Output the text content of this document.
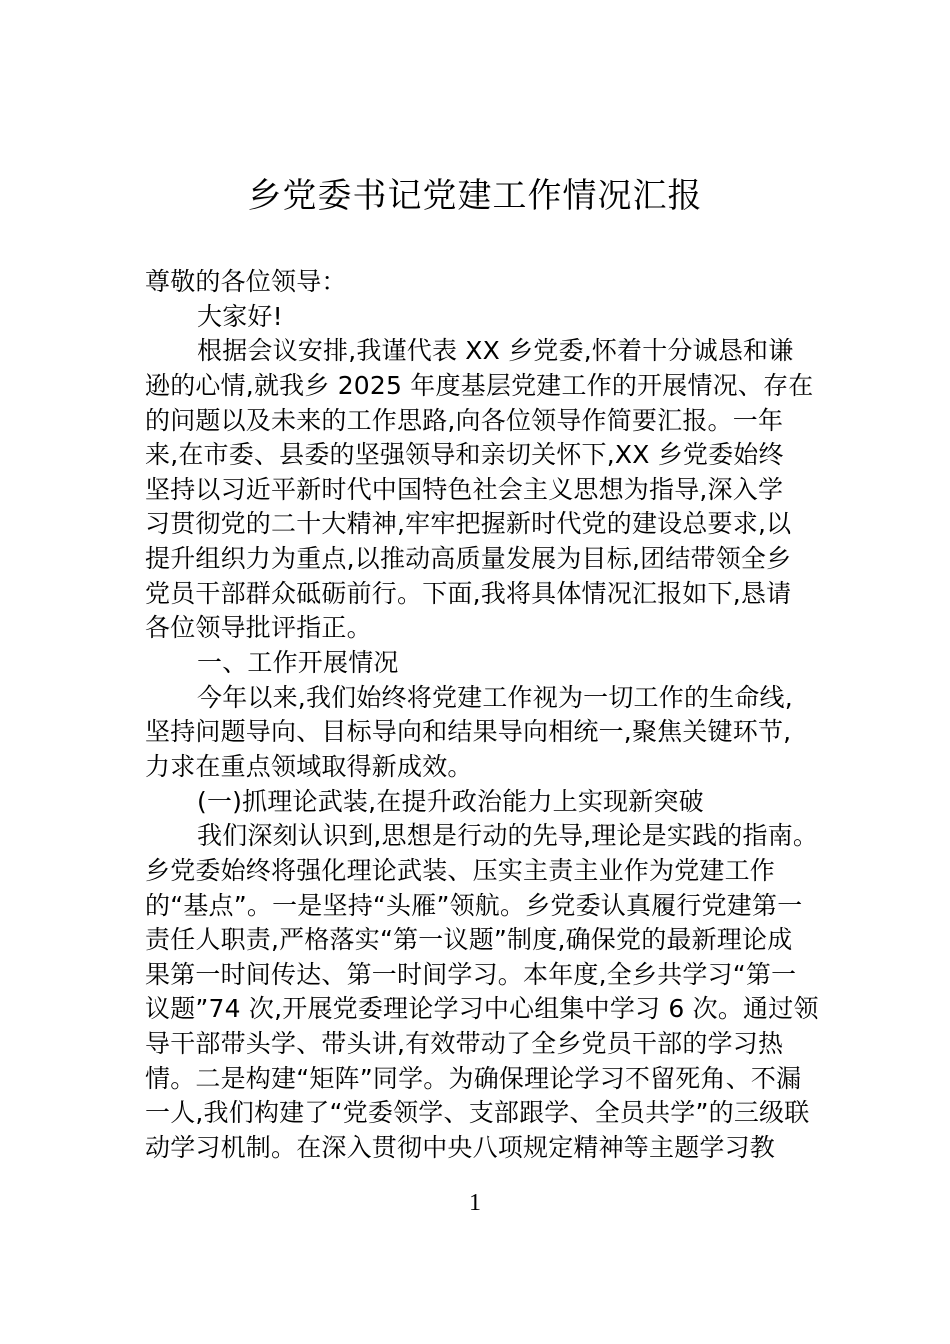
乡党委书记党建工作情况汇报
尊敬的各位领导：
大家好!
根据会议安排,我谨代表 XX 乡党委,怀着十分诚恳和谦
逊的心情,就我乡 2025 年度基层党建工作的开展情况、存在
的问题以及未来的工作思路,向各位领导作简要汇报。一年
来,在市委、县委的坚强领导和亲切关怀下,XX 乡党委始终
坚持以习近平新时代中国特色社会主义思想为指导,深入学
习贯彻党的二十大精神,牢牢把握新时代党的建设总要求,以
提升组织力为重点,以推动高质量发展为目标,团结带领全乡
党员干部群众砥砺前行。下面,我将具体情况汇报如下,恳请
各位领导批评指正。
一、工作开展情况
今年以来,我们始终将党建工作视为一切工作的生命线,
坚持问题导向、目标导向和结果导向相统一,聚焦关键环节,
力求在重点领域取得新成效。
(一)抓理论武装,在提升政治能力上实现新突破
我们深刻认识到,思想是行动的先导,理论是实践的指南。
乡党委始终将强化理论武装、压实主责主业作为党建工作
的“基点”。一是坚持“头雁”领航。乡党委认真履行党建第一
责任人职责,严格落实“第一议题”制度,确保党的最新理论成
果第一时间传达、第一时间学习。本年度,全乡共学习“第一
议题”74 次,开展党委理论学习中心组集中学习 6 次。通过领
导干部带头学、带头讲,有效带动了全乡党员干部的学习热
情。二是构建“矩阵”同学。为确保理论学习不留死角、不漏
一人,我们构建了“党委领学、支部跟学、全员共学”的三级联
动学习机制。在深入贯彻中央八项规定精神等主题学习教
1
